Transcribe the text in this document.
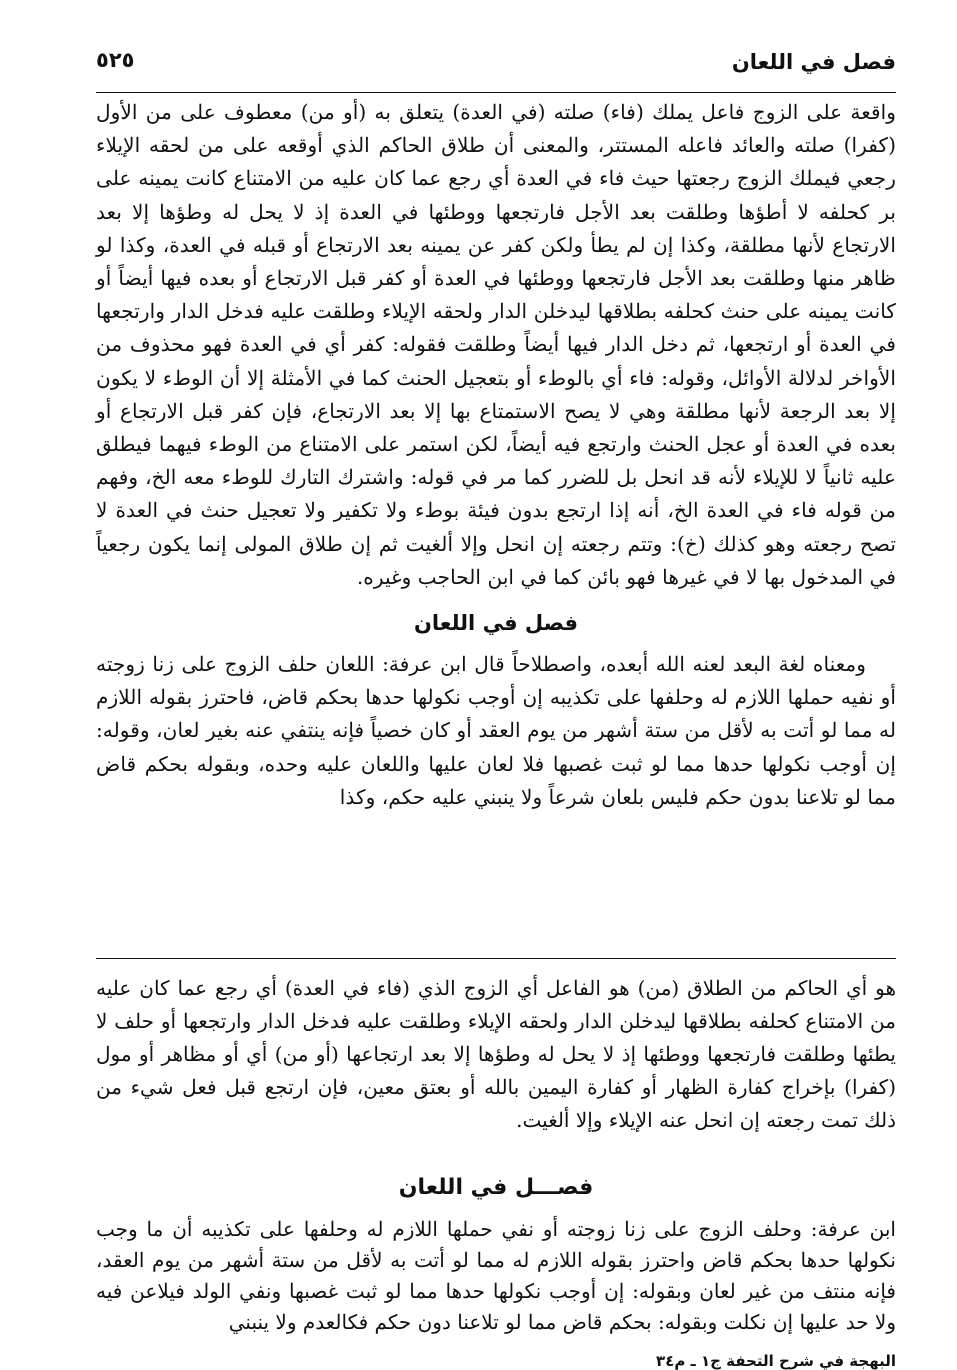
فصل في اللعان
٥٢٥

واقعة على الزوج فاعل يملك (فاء) صلته (في العدة) يتعلق به (أو من) معطوف على من الأول (كفرا) صلته والعائد فاعله المستتر، والمعنى أن طلاق الحاكم الذي أوقعه على من لحقه الإيلاء رجعي فيملك الزوج رجعتها حيث فاء في العدة أي رجع عما كان عليه من الامتناع كانت يمينه على بر كحلفه لا أطؤها وطلقت بعد الأجل فارتجعها ووطئها في العدة إذ لا يحل له وطؤها إلا بعد الارتجاع لأنها مطلقة، وكذا إن لم يطأ ولكن كفر عن يمينه بعد الارتجاع أو قبله في العدة، وكذا لو ظاهر منها وطلقت بعد الأجل فارتجعها ووطئها في العدة أو كفر قبل الارتجاع أو بعده فيها أيضاً أو كانت يمينه على حنث كحلفه بطلاقها ليدخلن الدار ولحقه الإيلاء وطلقت عليه فدخل الدار وارتجعها في العدة أو ارتجعها، ثم دخل الدار فيها أيضاً وطلقت فقوله: كفر أي في العدة فهو محذوف من الأواخر لدلالة الأوائل، وقوله: فاء أي بالوطء أو بتعجيل الحنث كما في الأمثلة إلا أن الوطء لا يكون إلا بعد الرجعة لأنها مطلقة وهي لا يصح الاستمتاع بها إلا بعد الارتجاع، فإن كفر قبل الارتجاع أو بعده في العدة أو عجل الحنث وارتجع فيه أيضاً، لكن استمر على الامتناع من الوطء فيهما فيطلق عليه ثانياً لا للإيلاء لأنه قد انحل بل للضرر كما مر في قوله: واشترك التارك للوطء معه الخ، وفهم من قوله فاء في العدة الخ، أنه إذا ارتجع بدون فيئة بوطء ولا تكفير ولا تعجيل حنث في العدة لا تصح رجعته وهو كذلك (خ): وتتم رجعته إن انحل وإلا ألغيت ثم إن طلاق المولى إنما يكون رجعياً في المدخول بها لا في غيرها فهو بائن كما في ابن الحاجب وغيره.

فصل في اللعان

ومعناه لغة البعد لعنه الله أبعده، واصطلاحاً قال ابن عرفة: اللعان حلف الزوج على زنا زوجته أو نفيه حملها اللازم له وحلفها على تكذيبه إن أوجب نكولها حدها بحكم قاض، فاحترز بقوله اللازم له مما لو أتت به لأقل من ستة أشهر من يوم العقد أو كان خصياً فإنه ينتفي عنه بغير لعان، وقوله: إن أوجب نكولها حدها مما لو ثبت غصبها فلا لعان عليها واللعان عليه وحده، وبقوله بحكم قاض مما لو تلاعنا بدون حكم فليس بلعان شرعاً ولا ينبني عليه حكم، وكذا

هو أي الحاكم من الطلاق (من) هو الفاعل أي الزوج الذي (فاء في العدة) أي رجع عما كان عليه من الامتناع كحلفه بطلاقها ليدخلن الدار ولحقه الإيلاء وطلقت عليه فدخل الدار وارتجعها أو حلف لا يطئها وطلقت فارتجعها ووطئها إذ لا يحل له وطؤها إلا بعد ارتجاعها (أو من) أي أو مظاهر أو مول (كفرا) بإخراج كفارة الظهار أو كفارة اليمين بالله أو بعتق معين، فإن ارتجع قبل فعل شيء من ذلك تمت رجعته إن انحل عنه الإيلاء وإلا ألغيت.
فصـــل في اللعان
ابن عرفة: وحلف الزوج على زنا زوجته أو نفي حملها اللازم له وحلفها على تكذيبه أن ما وجب نكولها حدها بحكم قاض واحترز بقوله اللازم له مما لو أتت به لأقل من ستة أشهر من يوم العقد، فإنه منتف من غير لعان وبقوله: إن أوجب نكولها حدها مما لو ثبت غصبها ونفي الولد فيلاعن فيه ولا حد عليها إن نكلت وبقوله: بحكم قاض مما لو تلاعنا دون حكم فكالعدم ولا ينبني
البهجة في شرح التحفة ج١ ـ م٣٤
